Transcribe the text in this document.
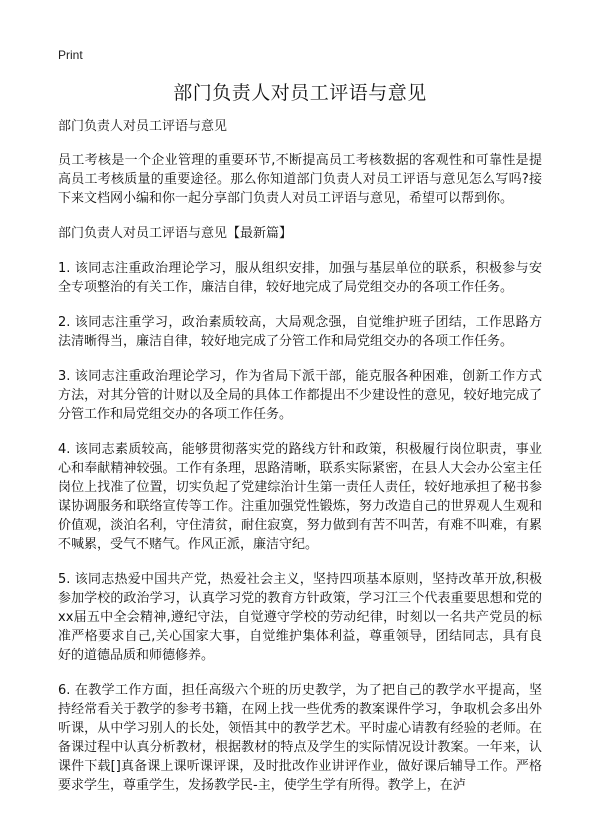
Print
部门负责人对员工评语与意见

部门负责人对员工评语与意见

员工考核是一个企业管理的重要环节,不断提高员工考核数据的客观性和可靠性是提高员工考核质量的重要途径。那么你知道部门负责人对员工评语与意见怎么写吗?接下来文档网小编和你一起分享部门负责人对员工评语与意见，希望可以帮到你。

部门负责人对员工评语与意见【最新篇】

1. 该同志注重政治理论学习，服从组织安排，加强与基层单位的联系，积极参与安全专项整治的有关工作，廉洁自律，较好地完成了局党组交办的各项工作任务。

2. 该同志注重学习，政治素质较高，大局观念强，自觉维护班子团结，工作思路方法清晰得当，廉洁自律，较好地完成了分管工作和局党组交办的各项工作任务。

3. 该同志注重政治理论学习，作为省局下派干部，能克服各种困难，创新工作方式方法，对其分管的计财以及全局的具体工作都提出不少建设性的意见，较好地完成了分管工作和局党组交办的各项工作任务。

4. 该同志素质较高，能够贯彻落实党的路线方针和政策，积极履行岗位职责，事业心和奉献精神较强。工作有条理，思路清晰，联系实际紧密，在县人大会办公室主任岗位上找准了位置，切实负起了党建综治计生第一责任人责任，较好地承担了秘书参谋协调服务和联络宣传等工作。注重加强党性锻炼，努力改造自己的世界观人生观和价值观，淡泊名利，守住清贫，耐住寂寞，努力做到有苦不叫苦，有难不叫难，有累不喊累，受气不赌气。作风正派，廉洁守纪。

5. 该同志热爱中国共产党，热爱社会主义，坚持四项基本原则，坚持改革开放,积极参加学校的政治学习，认真学习党的教育方针政策，学习江三个代表重要思想和党的xx届五中全会精神,遵纪守法，自觉遵守学校的劳动纪律，时刻以一名共产党员的标准严格要求自己,关心国家大事，自觉维护集体利益，尊重领导，团结同志，具有良好的道德品质和师德修养。

6. 在教学工作方面，担任高级六个班的历史教学，为了把自己的教学水平提高，坚持经常看关于教学的参考书籍，在网上找一些优秀的教案课件学习，争取机会多出外听课，从中学习别人的长处，领悟其中的教学艺术。平时虚心请教有经验的老师。在备课过程中认真分析教材，根据教材的特点及学生的实际情况设计教案。一年来，认课件下载[]真备课上课听课评课，及时批改作业讲评作业，做好课后辅导工作。严格要求学生，尊重学生，发扬教学民-主，使学生学有所得。教学上，在泸
